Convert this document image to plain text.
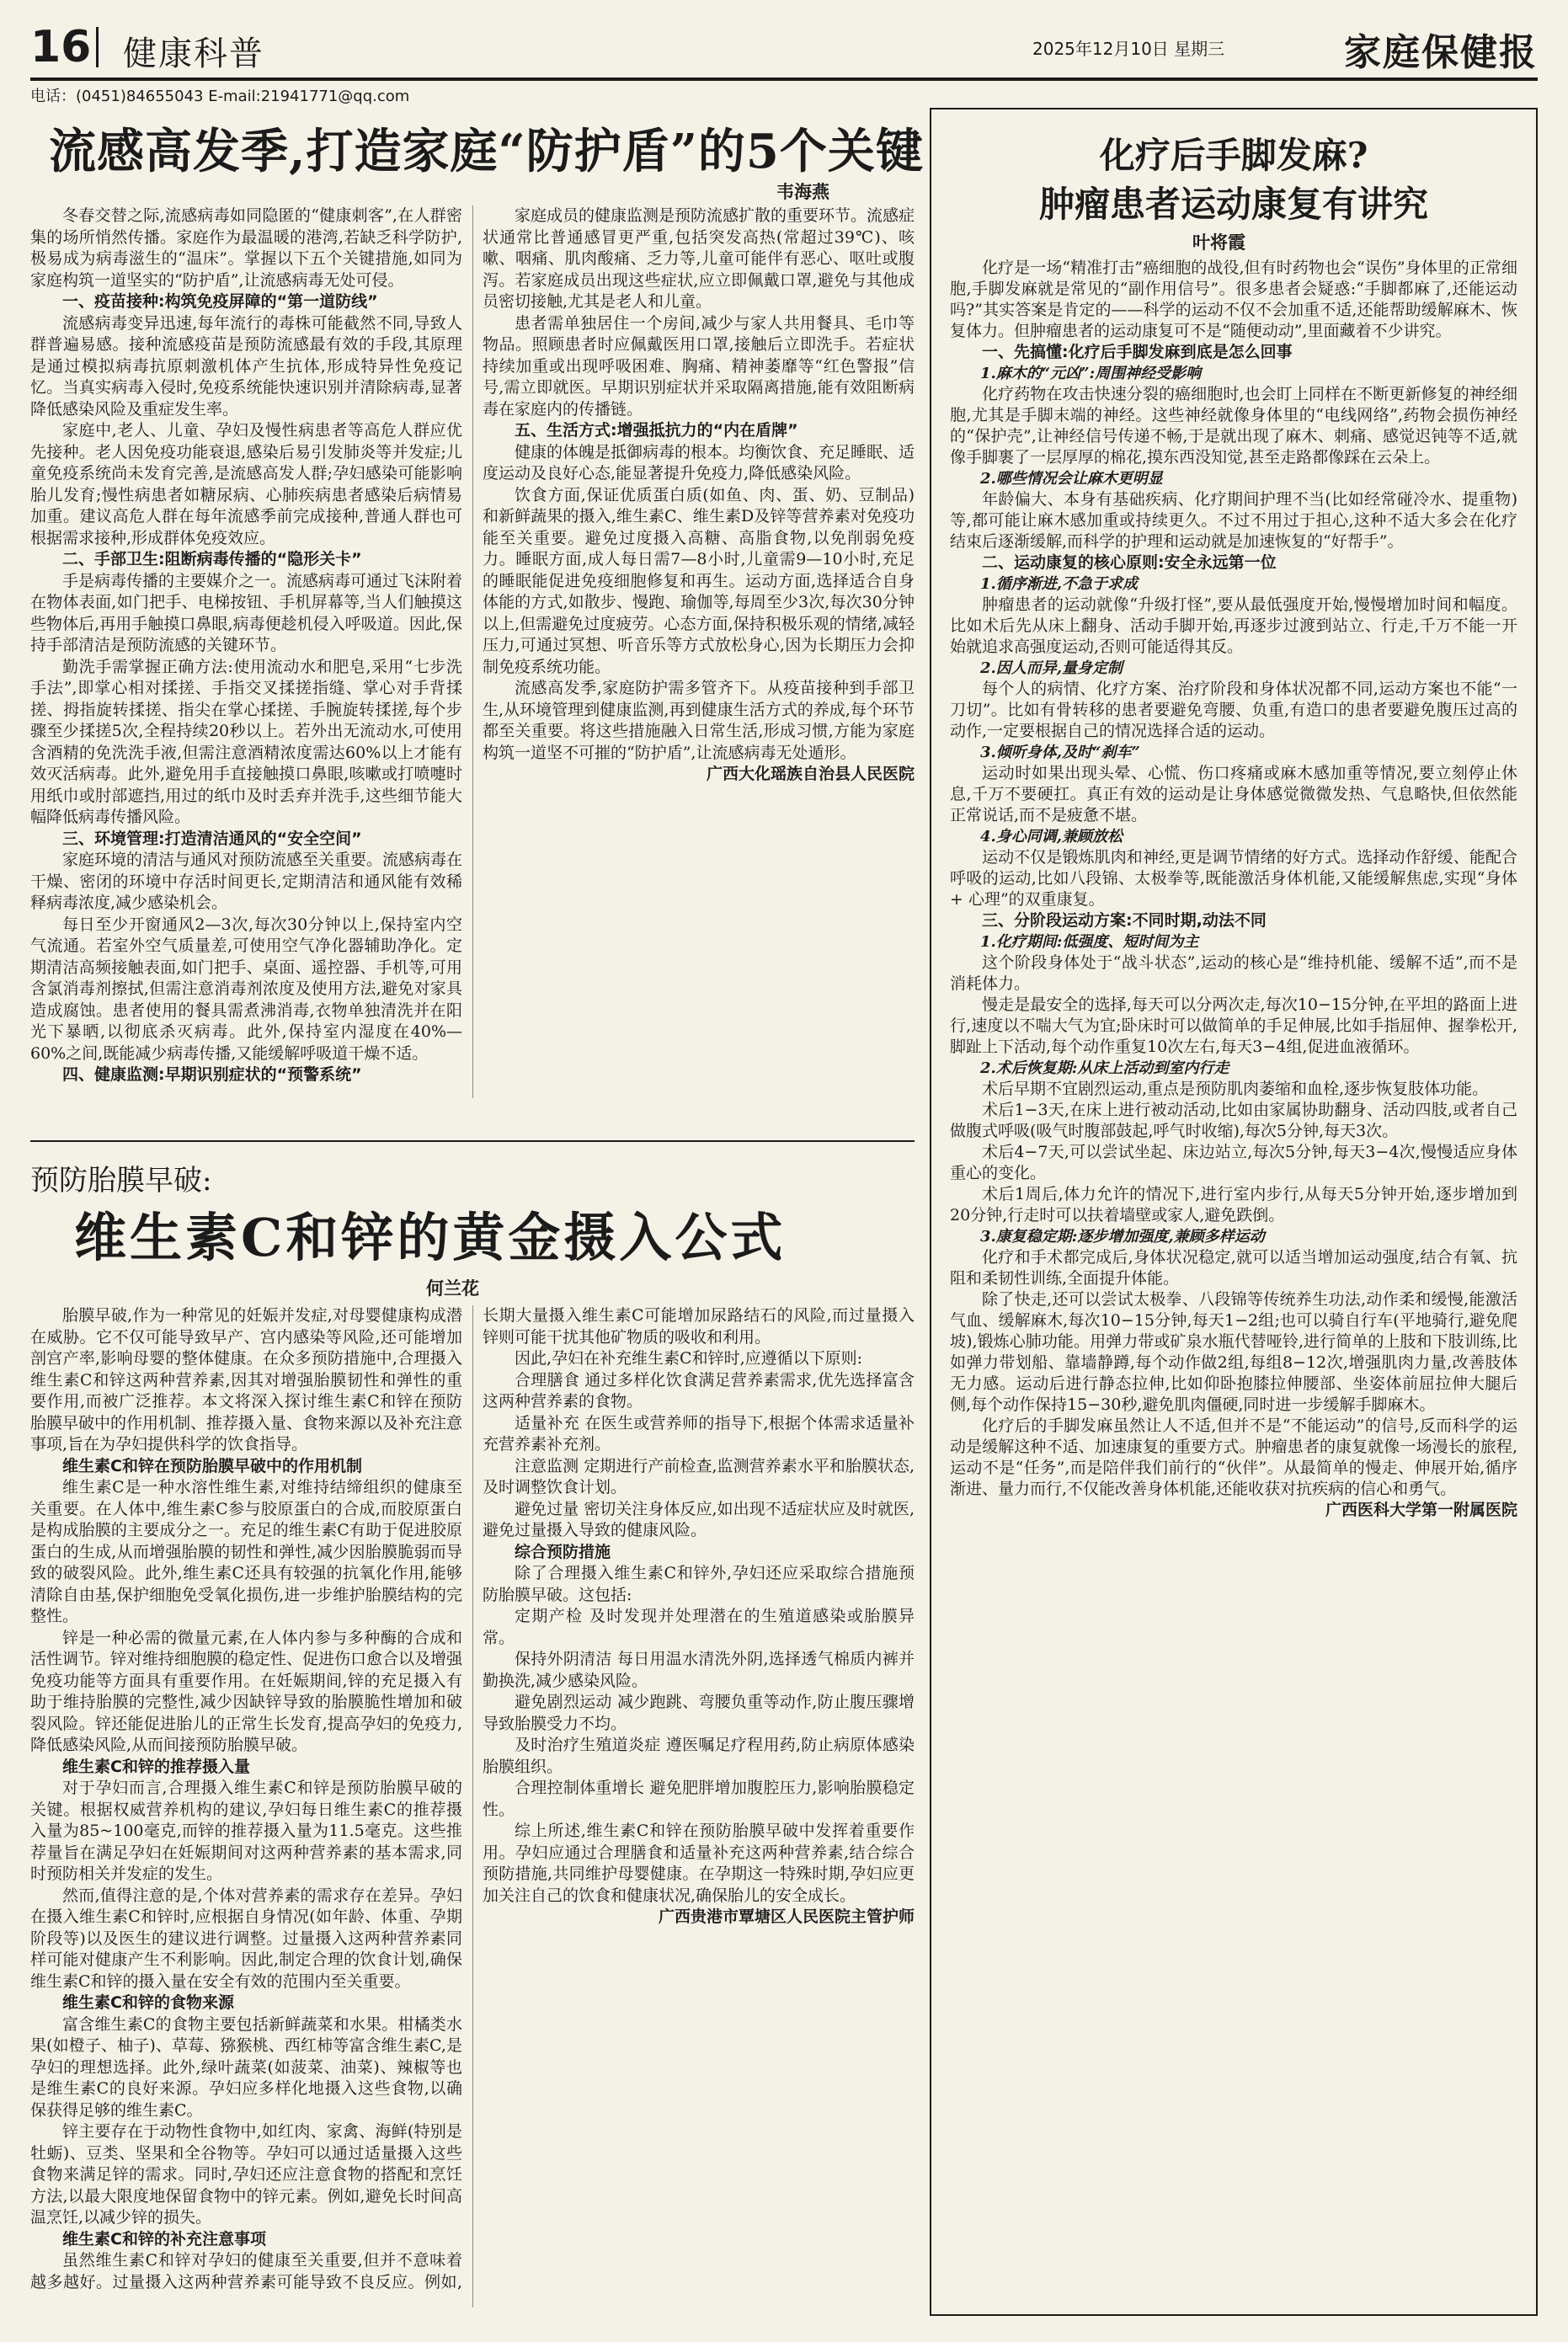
16 健康科普	2025年12月10日 星期三	家庭保健报
电话：(0451)84655043 E-mail:21941771@qq.com
流感高发季,打造家庭“防护盾”的5个关键
韦海燕

冬春交替之际,流感病毒如同隐匿的“健康刺客”,在人群密集的场所悄然传播。家庭作为最温暖的港湾,若缺乏科学防护,极易成为病毒滋生的“温床”。掌握以下五个关键措施,如同为家庭构筑一道坚实的“防护盾”,让流感病毒无处可侵。

一、疫苗接种:构筑免疫屏障的“第一道防线”

流感病毒变异迅速,每年流行的毒株可能截然不同,导致人群普遍易感。接种流感疫苗是预防流感最有效的手段,其原理是通过模拟病毒抗原刺激机体产生抗体,形成特异性免疫记忆。当真实病毒入侵时,免疫系统能快速识别并清除病毒,显著降低感染风险及重症发生率。

家庭中,老人、儿童、孕妇及慢性病患者等高危人群应优先接种。老人因免疫功能衰退,感染后易引发肺炎等并发症;儿童免疫系统尚未发育完善,是流感高发人群;孕妇感染可能影响胎儿发育;慢性病患者如糖尿病、心肺疾病患者感染后病情易加重。建议高危人群在每年流感季前完成接种,普通人群也可根据需求接种,形成群体免疫效应。

二、手部卫生:阻断病毒传播的“隐形关卡”

手是病毒传播的主要媒介之一。流感病毒可通过飞沫附着在物体表面,如门把手、电梯按钮、手机屏幕等,当人们触摸这些物体后,再用手触摸口鼻眼,病毒便趁机侵入呼吸道。因此,保持手部清洁是预防流感的关键环节。

勤洗手需掌握正确方法:使用流动水和肥皂,采用“七步洗手法”,即掌心相对揉搓、手指交叉揉搓指缝、掌心对手背揉搓、拇指旋转揉搓、指尖在掌心揉搓、手腕旋转揉搓,每个步骤至少揉搓5次,全程持续20秒以上。若外出无流动水,可使用含酒精的免洗洗手液,但需注意酒精浓度需达60%以上才能有效灭活病毒。此外,避免用手直接触摸口鼻眼,咳嗽或打喷嚏时用纸巾或肘部遮挡,用过的纸巾及时丢弃并洗手,这些细节能大幅降低病毒传播风险。

三、环境管理:打造清洁通风的“安全空间”

家庭环境的清洁与通风对预防流感至关重要。流感病毒在干燥、密闭的环境中存活时间更长,定期清洁和通风能有效稀释病毒浓度,减少感染机会。

每日至少开窗通风2—3次,每次30分钟以上,保持室内空气流通。若室外空气质量差,可使用空气净化器辅助净化。定期清洁高频接触表面,如门把手、桌面、遥控器、手机等,可用含氯消毒剂擦拭,但需注意消毒剂浓度及使用方法,避免对家具造成腐蚀。患者使用的餐具需煮沸消毒,衣物单独清洗并在阳光下暴晒,以彻底杀灭病毒。此外,保持室内湿度在40%—60%之间,既能减少病毒传播,又能缓解呼吸道干燥不适。

四、健康监测:早期识别症状的“预警系统”

家庭成员的健康监测是预防流感扩散的重要环节。流感症状通常比普通感冒更严重,包括突发高热(常超过39℃)、咳嗽、咽痛、肌肉酸痛、乏力等,儿童可能伴有恶心、呕吐或腹泻。若家庭成员出现这些症状,应立即佩戴口罩,避免与其他成员密切接触,尤其是老人和儿童。

患者需单独居住一个房间,减少与家人共用餐具、毛巾等物品。照顾患者时应佩戴医用口罩,接触后立即洗手。若症状持续加重或出现呼吸困难、胸痛、精神萎靡等“红色警报”信号,需立即就医。早期识别症状并采取隔离措施,能有效阻断病毒在家庭内的传播链。

五、生活方式:增强抵抗力的“内在盾牌”

健康的体魄是抵御病毒的根本。均衡饮食、充足睡眠、适度运动及良好心态,能显著提升免疫力,降低感染风险。

饮食方面,保证优质蛋白质(如鱼、肉、蛋、奶、豆制品)和新鲜蔬果的摄入,维生素C、维生素D及锌等营养素对免疫功能至关重要。避免过度摄入高糖、高脂食物,以免削弱免疫力。睡眠方面,成人每日需7—8小时,儿童需9—10小时,充足的睡眠能促进免疫细胞修复和再生。运动方面,选择适合自身体能的方式,如散步、慢跑、瑜伽等,每周至少3次,每次30分钟以上,但需避免过度疲劳。心态方面,保持积极乐观的情绪,减轻压力,可通过冥想、听音乐等方式放松身心,因为长期压力会抑制免疫系统功能。

流感高发季,家庭防护需多管齐下。从疫苗接种到手部卫生,从环境管理到健康监测,再到健康生活方式的养成,每个环节都至关重要。将这些措施融入日常生活,形成习惯,方能为家庭构筑一道坚不可摧的“防护盾”,让流感病毒无处遁形。

广西大化瑶族自治县人民医院

预防胎膜早破:
维生素C和锌的黄金摄入公式
何兰花

胎膜早破,作为一种常见的妊娠并发症,对母婴健康构成潜在威胁。它不仅可能导致早产、宫内感染等风险,还可能增加剖宫产率,影响母婴的整体健康。在众多预防措施中,合理摄入维生素C和锌这两种营养素,因其对增强胎膜韧性和弹性的重要作用,而被广泛推荐。本文将深入探讨维生素C和锌在预防胎膜早破中的作用机制、推荐摄入量、食物来源以及补充注意事项,旨在为孕妇提供科学的饮食指导。

维生素C和锌在预防胎膜早破中的作用机制

维生素C是一种水溶性维生素,对维持结缔组织的健康至关重要。在人体中,维生素C参与胶原蛋白的合成,而胶原蛋白是构成胎膜的主要成分之一。充足的维生素C有助于促进胶原蛋白的生成,从而增强胎膜的韧性和弹性,减少因胎膜脆弱而导致的破裂风险。此外,维生素C还具有较强的抗氧化作用,能够清除自由基,保护细胞免受氧化损伤,进一步维护胎膜结构的完整性。

锌是一种必需的微量元素,在人体内参与多种酶的合成和活性调节。锌对维持细胞膜的稳定性、促进伤口愈合以及增强免疫功能等方面具有重要作用。在妊娠期间,锌的充足摄入有助于维持胎膜的完整性,减少因缺锌导致的胎膜脆性增加和破裂风险。锌还能促进胎儿的正常生长发育,提高孕妇的免疫力,降低感染风险,从而间接预防胎膜早破。

维生素C和锌的推荐摄入量

对于孕妇而言,合理摄入维生素C和锌是预防胎膜早破的关键。根据权威营养机构的建议,孕妇每日维生素C的推荐摄入量为85~100毫克,而锌的推荐摄入量为11.5毫克。这些推荐量旨在满足孕妇在妊娠期间对这两种营养素的基本需求,同时预防相关并发症的发生。

然而,值得注意的是,个体对营养素的需求存在差异。孕妇在摄入维生素C和锌时,应根据自身情况(如年龄、体重、孕期阶段等)以及医生的建议进行调整。过量摄入这两种营养素同样可能对健康产生不利影响。因此,制定合理的饮食计划,确保维生素C和锌的摄入量在安全有效的范围内至关重要。

维生素C和锌的食物来源

富含维生素C的食物主要包括新鲜蔬菜和水果。柑橘类水果(如橙子、柚子)、草莓、猕猴桃、西红柿等富含维生素C,是孕妇的理想选择。此外,绿叶蔬菜(如菠菜、油菜)、辣椒等也是维生素C的良好来源。孕妇应多样化地摄入这些食物,以确保获得足够的维生素C。

锌主要存在于动物性食物中,如红肉、家禽、海鲜(特别是牡蛎)、豆类、坚果和全谷物等。孕妇可以通过适量摄入这些食物来满足锌的需求。同时,孕妇还应注意食物的搭配和烹饪方法,以最大限度地保留食物中的锌元素。例如,避免长时间高温烹饪,以减少锌的损失。

维生素C和锌的补充注意事项

虽然维生素C和锌对孕妇的健康至关重要,但并不意味着越多越好。过量摄入这两种营养素可能导致不良反应。例如,长期大量摄入维生素C可能增加尿路结石的风险,而过量摄入锌则可能干扰其他矿物质的吸收和利用。

因此,孕妇在补充维生素C和锌时,应遵循以下原则:

合理膳食 通过多样化饮食满足营养素需求,优先选择富含这两种营养素的食物。

适量补充 在医生或营养师的指导下,根据个体需求适量补充营养素补充剂。

注意监测 定期进行产前检查,监测营养素水平和胎膜状态,及时调整饮食计划。

避免过量 密切关注身体反应,如出现不适症状应及时就医,避免过量摄入导致的健康风险。

综合预防措施

除了合理摄入维生素C和锌外,孕妇还应采取综合措施预防胎膜早破。这包括:

定期产检 及时发现并处理潜在的生殖道感染或胎膜异常。

保持外阴清洁 每日用温水清洗外阴,选择透气棉质内裤并勤换洗,减少感染风险。

避免剧烈运动 减少跑跳、弯腰负重等动作,防止腹压骤增导致胎膜受力不均。

及时治疗生殖道炎症 遵医嘱足疗程用药,防止病原体感染胎膜组织。

合理控制体重增长 避免肥胖增加腹腔压力,影响胎膜稳定性。

综上所述,维生素C和锌在预防胎膜早破中发挥着重要作用。孕妇应通过合理膳食和适量补充这两种营养素,结合综合预防措施,共同维护母婴健康。在孕期这一特殊时期,孕妇应更加关注自己的饮食和健康状况,确保胎儿的安全成长。

广西贵港市覃塘区人民医院主管护师

化疗后手脚发麻?
肿瘤患者运动康复有讲究
叶将霞

化疗是一场“精准打击”癌细胞的战役,但有时药物也会“误伤”身体里的正常细胞,手脚发麻就是常见的“副作用信号”。很多患者会疑惑:“手脚都麻了,还能运动吗?”其实答案是肯定的——科学的运动不仅不会加重不适,还能帮助缓解麻木、恢复体力。但肿瘤患者的运动康复可不是“随便动动”,里面藏着不少讲究。

一、先搞懂:化疗后手脚发麻到底是怎么回事
1.麻木的“元凶”:周围神经受影响

化疗药物在攻击快速分裂的癌细胞时,也会盯上同样在不断更新修复的神经细胞,尤其是手脚末端的神经。这些神经就像身体里的“电线网络”,药物会损伤神经的“保护壳”,让神经信号传递不畅,于是就出现了麻木、刺痛、感觉迟钝等不适,就像手脚裹了一层厚厚的棉花,摸东西没知觉,甚至走路都像踩在云朵上。

2.哪些情况会让麻木更明显

年龄偏大、本身有基础疾病、化疗期间护理不当(比如经常碰冷水、提重物)等,都可能让麻木感加重或持续更久。不过不用过于担心,这种不适大多会在化疗结束后逐渐缓解,而科学的护理和运动就是加速恢复的“好帮手”。

二、运动康复的核心原则:安全永远第一位
1.循序渐进,不急于求成

肿瘤患者的运动就像“升级打怪”,要从最低强度开始,慢慢增加时间和幅度。比如术后先从床上翻身、活动手脚开始,再逐步过渡到站立、行走,千万不能一开始就追求高强度运动,否则可能适得其反。

2.因人而异,量身定制

每个人的病情、化疗方案、治疗阶段和身体状况都不同,运动方案也不能“一刀切”。比如有骨转移的患者要避免弯腰、负重,有造口的患者要避免腹压过高的动作,一定要根据自己的情况选择合适的运动。

3.倾听身体,及时“刹车”

运动时如果出现头晕、心慌、伤口疼痛或麻木感加重等情况,要立刻停止休息,千万不要硬扛。真正有效的运动是让身体感觉微微发热、气息略快,但依然能正常说话,而不是疲惫不堪。

4.身心同调,兼顾放松

运动不仅是锻炼肌肉和神经,更是调节情绪的好方式。选择动作舒缓、能配合呼吸的运动,比如八段锦、太极拳等,既能激活身体机能,又能缓解焦虑,实现“身体 + 心理”的双重康复。

三、分阶段运动方案:不同时期,动法不同
1.化疗期间:低强度、短时间为主

这个阶段身体处于“战斗状态”,运动的核心是“维持机能、缓解不适”,而不是消耗体力。

慢走是最安全的选择,每天可以分两次走,每次10−15分钟,在平坦的路面上进行,速度以不喘大气为宜;卧床时可以做简单的手足伸展,比如手指屈伸、握拳松开,脚趾上下活动,每个动作重复10次左右,每天3−4组,促进血液循环。

2.术后恢复期:从床上活动到室内行走

术后早期不宜剧烈运动,重点是预防肌肉萎缩和血栓,逐步恢复肢体功能。

术后1−3天,在床上进行被动活动,比如由家属协助翻身、活动四肢,或者自己做腹式呼吸(吸气时腹部鼓起,呼气时收缩),每次5分钟,每天3次。

术后4−7天,可以尝试坐起、床边站立,每次5分钟,每天3−4次,慢慢适应身体重心的变化。

术后1周后,体力允许的情况下,进行室内步行,从每天5分钟开始,逐步增加到20分钟,行走时可以扶着墙壁或家人,避免跌倒。

3.康复稳定期:逐步增加强度,兼顾多样运动

化疗和手术都完成后,身体状况稳定,就可以适当增加运动强度,结合有氧、抗阻和柔韧性训练,全面提升体能。

除了快走,还可以尝试太极拳、八段锦等传统养生功法,动作柔和缓慢,能激活气血、缓解麻木,每次10−15分钟,每天1−2组;也可以骑自行车(平地骑行,避免爬坡),锻炼心肺功能。用弹力带或矿泉水瓶代替哑铃,进行简单的上肢和下肢训练,比如弹力带划船、靠墙静蹲,每个动作做2组,每组8−12次,增强肌肉力量,改善肢体无力感。运动后进行静态拉伸,比如仰卧抱膝拉伸腰部、坐姿体前屈拉伸大腿后侧,每个动作保持15−30秒,避免肌肉僵硬,同时进一步缓解手脚麻木。

化疗后的手脚发麻虽然让人不适,但并不是“不能运动”的信号,反而科学的运动是缓解这种不适、加速康复的重要方式。肿瘤患者的康复就像一场漫长的旅程,运动不是“任务”,而是陪伴我们前行的“伙伴”。从最简单的慢走、伸展开始,循序渐进、量力而行,不仅能改善身体机能,还能收获对抗疾病的信心和勇气。

广西医科大学第一附属医院
